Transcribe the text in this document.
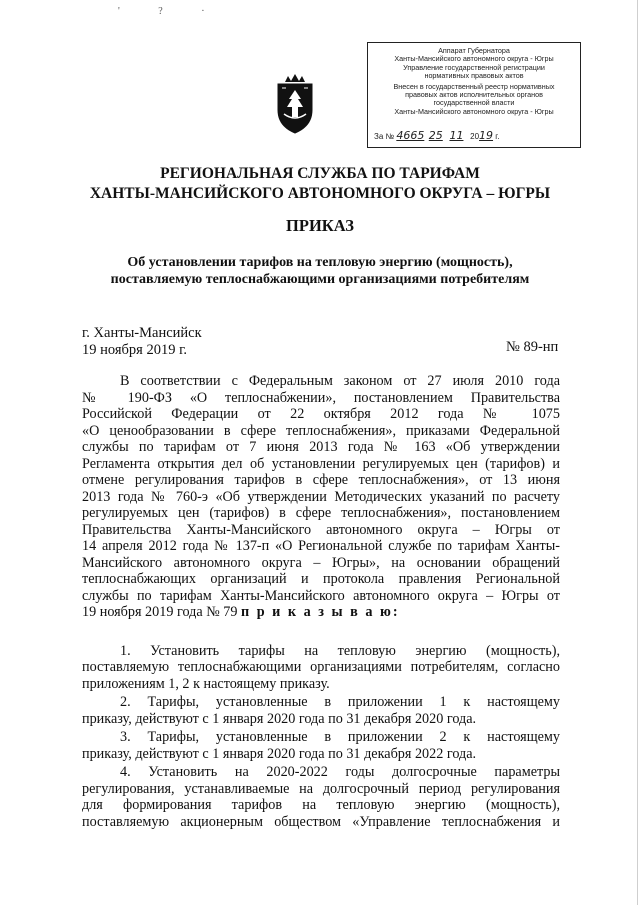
' ? ·
Аппарат Губернатора
Ханты-Мансийского автономного округа - Югры
Управление государственной регистрации
нормативных правовых актов
Внесен в государственный реестр нормативных
правовых актов исполнительных органов
государственной власти
Ханты-Мансийского автономного округа - Югры
За № 4665 25 11 2019 г.
РЕГИОНАЛЬНАЯ СЛУЖБА ПО ТАРИФАМ
ХАНТЫ-МАНСИЙСКОГО АВТОНОМНОГО ОКРУГА – ЮГРЫ
ПРИКАЗ
Об установлении тарифов на тепловую энергию (мощность),
поставляемую теплоснабжающими организациями потребителям
г. Ханты-Мансийск
19 ноября 2019 г.	№ 89-нп
В соответствии с Федеральным законом от 27 июля 2010 года
№ 190-ФЗ «О теплоснабжении», постановлением Правительства
Российской Федерации от 22 октября 2012 года № 1075
«О ценообразовании в сфере теплоснабжения», приказами Федеральной
службы по тарифам от 7 июня 2013 года № 163 «Об утверждении
Регламента открытия дел об установлении регулируемых цен (тарифов) и
отмене регулирования тарифов в сфере теплоснабжения», от 13 июня
2013 года № 760-э «Об утверждении Методических указаний по расчету
регулируемых цен (тарифов) в сфере теплоснабжения», постановлением
Правительства Ханты-Мансийского автономного округа – Югры от
14 апреля 2012 года № 137-п «О Региональной службе по тарифам Ханты-
Мансийского автономного округа – Югры», на основании обращений
теплоснабжающих организаций и протокола правления Региональной
службы по тарифам Ханты-Мансийского автономного округа – Югры от
19 ноября 2019 года № 79 п р и к а з ы в а ю:
1. Установить тарифы на тепловую энергию (мощность),
поставляемую теплоснабжающими организациями потребителям, согласно
приложениям 1, 2 к настоящему приказу.
2. Тарифы, установленные в приложении 1 к настоящему
приказу, действуют с 1 января 2020 года по 31 декабря 2020 года.
3. Тарифы, установленные в приложении 2 к настоящему
приказу, действуют с 1 января 2020 года по 31 декабря 2022 года.
4. Установить на 2020-2022 годы долгосрочные параметры
регулирования, устанавливаемые на долгосрочный период регулирования
для формирования тарифов на тепловую энергию (мощность),
поставляемую акционерным обществом «Управление теплоснабжения и
